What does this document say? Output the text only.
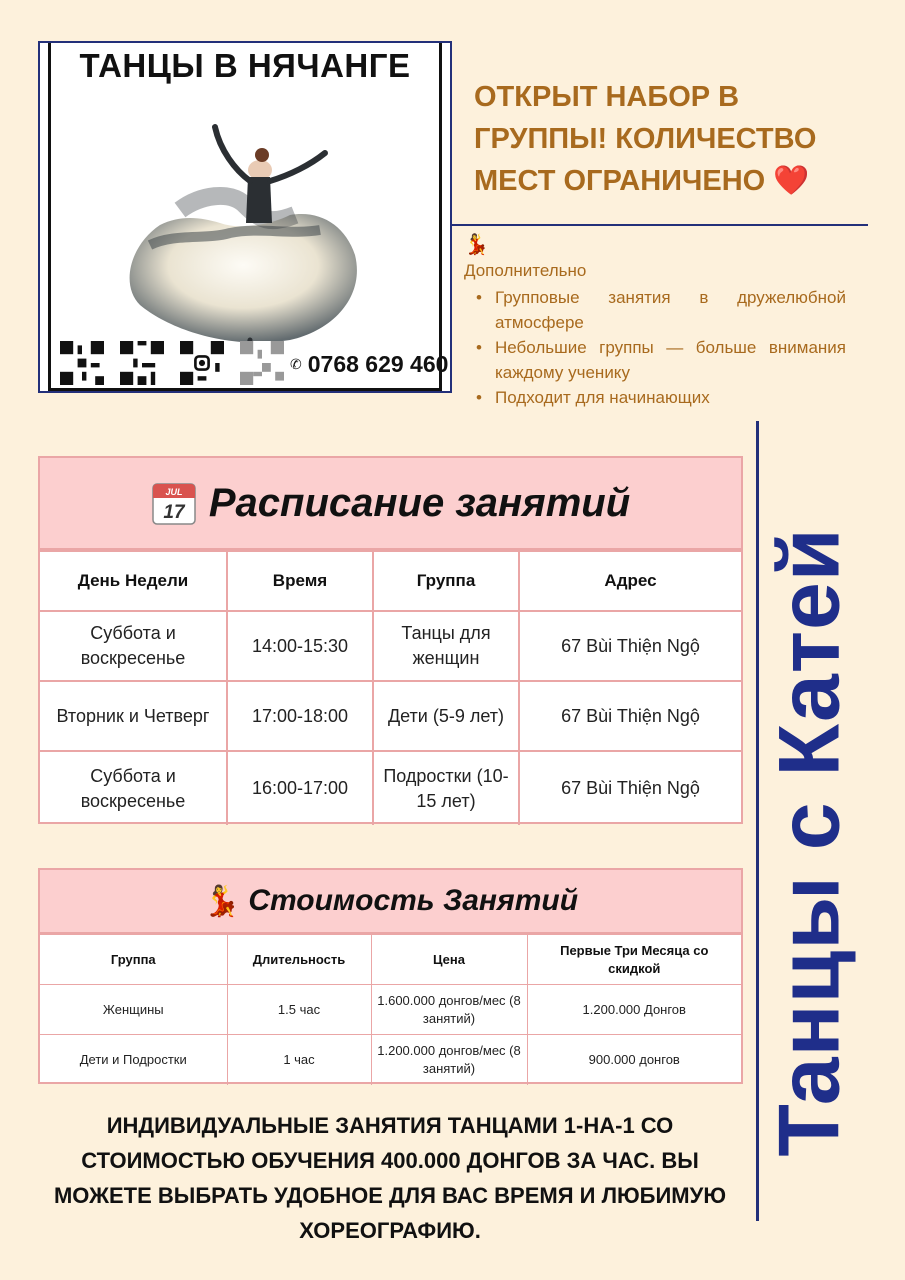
ТАНЦЫ В НЯЧАНГЕ
✆ 0768 629 460
ОТКРЫТ НАБОР В ГРУППЫ! КОЛИЧЕСТВО МЕСТ ОГРАНИЧЕНО ❤️
💃
Дополнительно
• Групповые занятия в дружелюбной атмосфере
• Небольшие группы — больше внимания каждому ученику
• Подходит для начинающих
Танцы с Катей
JUL
17 Расписание занятий
День Недели	Время	Группа	Адрес
Суббота и воскресенье	14:00-15:30	Танцы для женщин	67 Bùi Thiện Ngộ
Вторник и Четверг	17:00-18:00	Дети (5-9 лет)	67 Bùi Thiện Ngộ
Суббота и воскресенье	16:00-17:00	Подростки (10-15 лет)	67 Bùi Thiện Ngộ
💃 Стоимость Занятий
Группа	Длительность	Цена	Первые Три Месяца со скидкой
Женщины	1.5 час	1.600.000 донгов/мес (8 занятий)	1.200.000 Донгов
Дети и Подростки	1 час	1.200.000 донгов/мес (8 занятий)	900.000 донгов
ИНДИВИДУАЛЬНЫЕ ЗАНЯТИЯ ТАНЦАМИ 1-НА-1 СО СТОИМОСТЬЮ ОБУЧЕНИЯ 400.000 ДОНГОВ ЗА ЧАС. ВЫ МОЖЕТЕ ВЫБРАТЬ УДОБНОЕ ДЛЯ ВАС ВРЕМЯ И ЛЮБИМУЮ ХОРЕОГРАФИЮ.
